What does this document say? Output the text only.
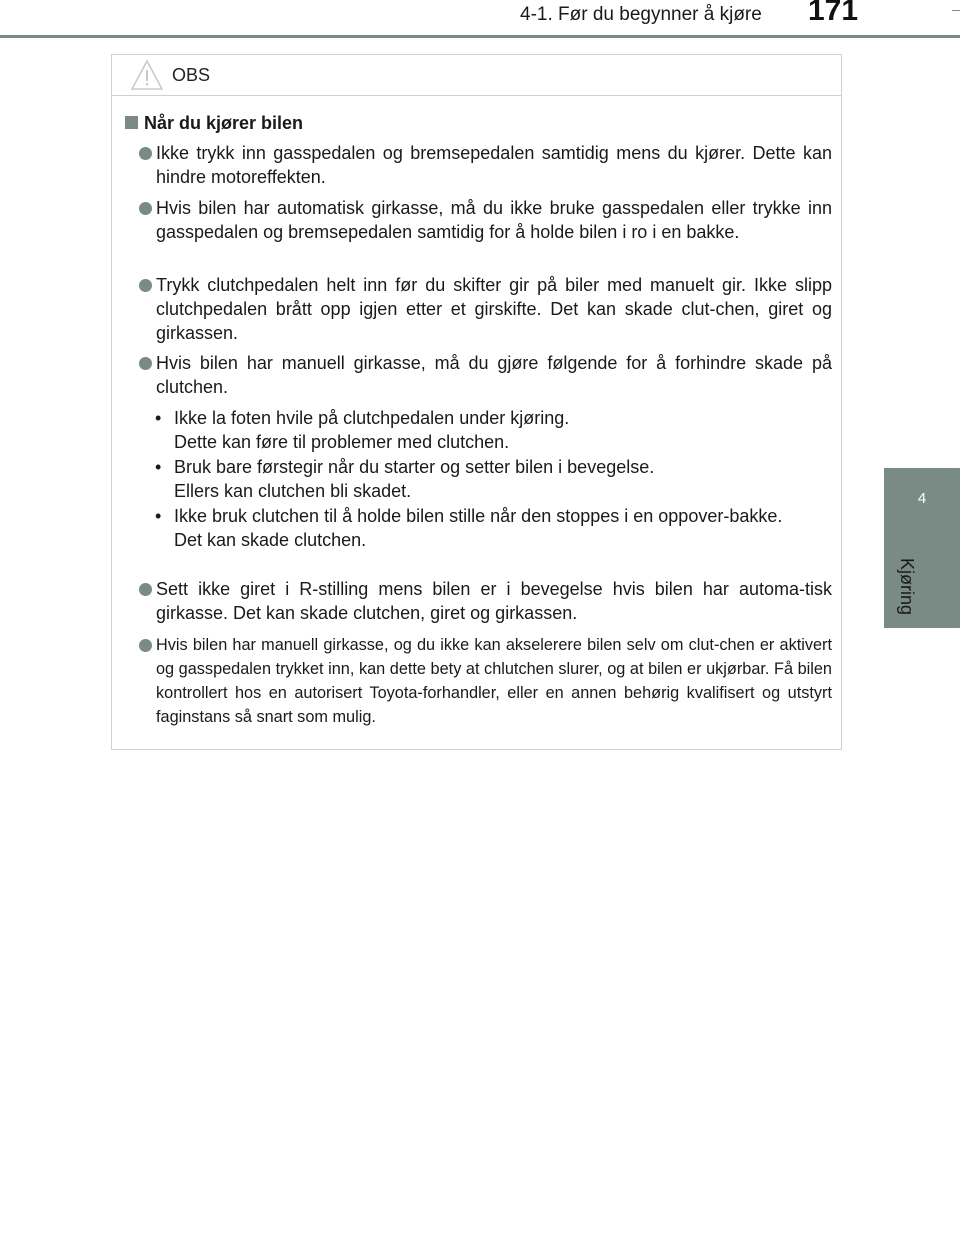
4-1. Før du begynner å kjøre	171
4
Kjøring
OBS
Når du kjører bilen
Ikke trykk inn gasspedalen og bremsepedalen samtidig mens du kjører. Dette kan hindre motoreffekten.
Hvis bilen har automatisk girkasse, må du ikke bruke gasspedalen eller trykke inn gasspedalen og bremsepedalen samtidig for å holde bilen i ro i en bakke.
Trykk clutchpedalen helt inn før du skifter gir på biler med manuelt gir. Ikke slipp clutchpedalen brått opp igjen etter et girskifte. Det kan skade clut-chen, giret og girkassen.
Hvis bilen har manuell girkasse, må du gjøre følgende for å forhindre skade på clutchen.
• Ikke la foten hvile på clutchpedalen under kjøring.
Dette kan føre til problemer med clutchen.
• Bruk bare førstegir når du starter og setter bilen i bevegelse.
Ellers kan clutchen bli skadet.
• Ikke bruk clutchen til å holde bilen stille når den stoppes i en oppover-bakke.
Det kan skade clutchen.
Sett ikke giret i R-stilling mens bilen er i bevegelse hvis bilen har automa-tisk girkasse. Det kan skade clutchen, giret og girkassen.
Hvis bilen har manuell girkasse, og du ikke kan akselerere bilen selv om clut-chen er aktivert og gasspedalen trykket inn, kan dette bety at chlutchen slurer, og at bilen er ukjørbar. Få bilen kontrollert hos en autorisert Toyota-forhandler, eller en annen behørig kvalifisert og utstyrt faginstans så snart som mulig.
